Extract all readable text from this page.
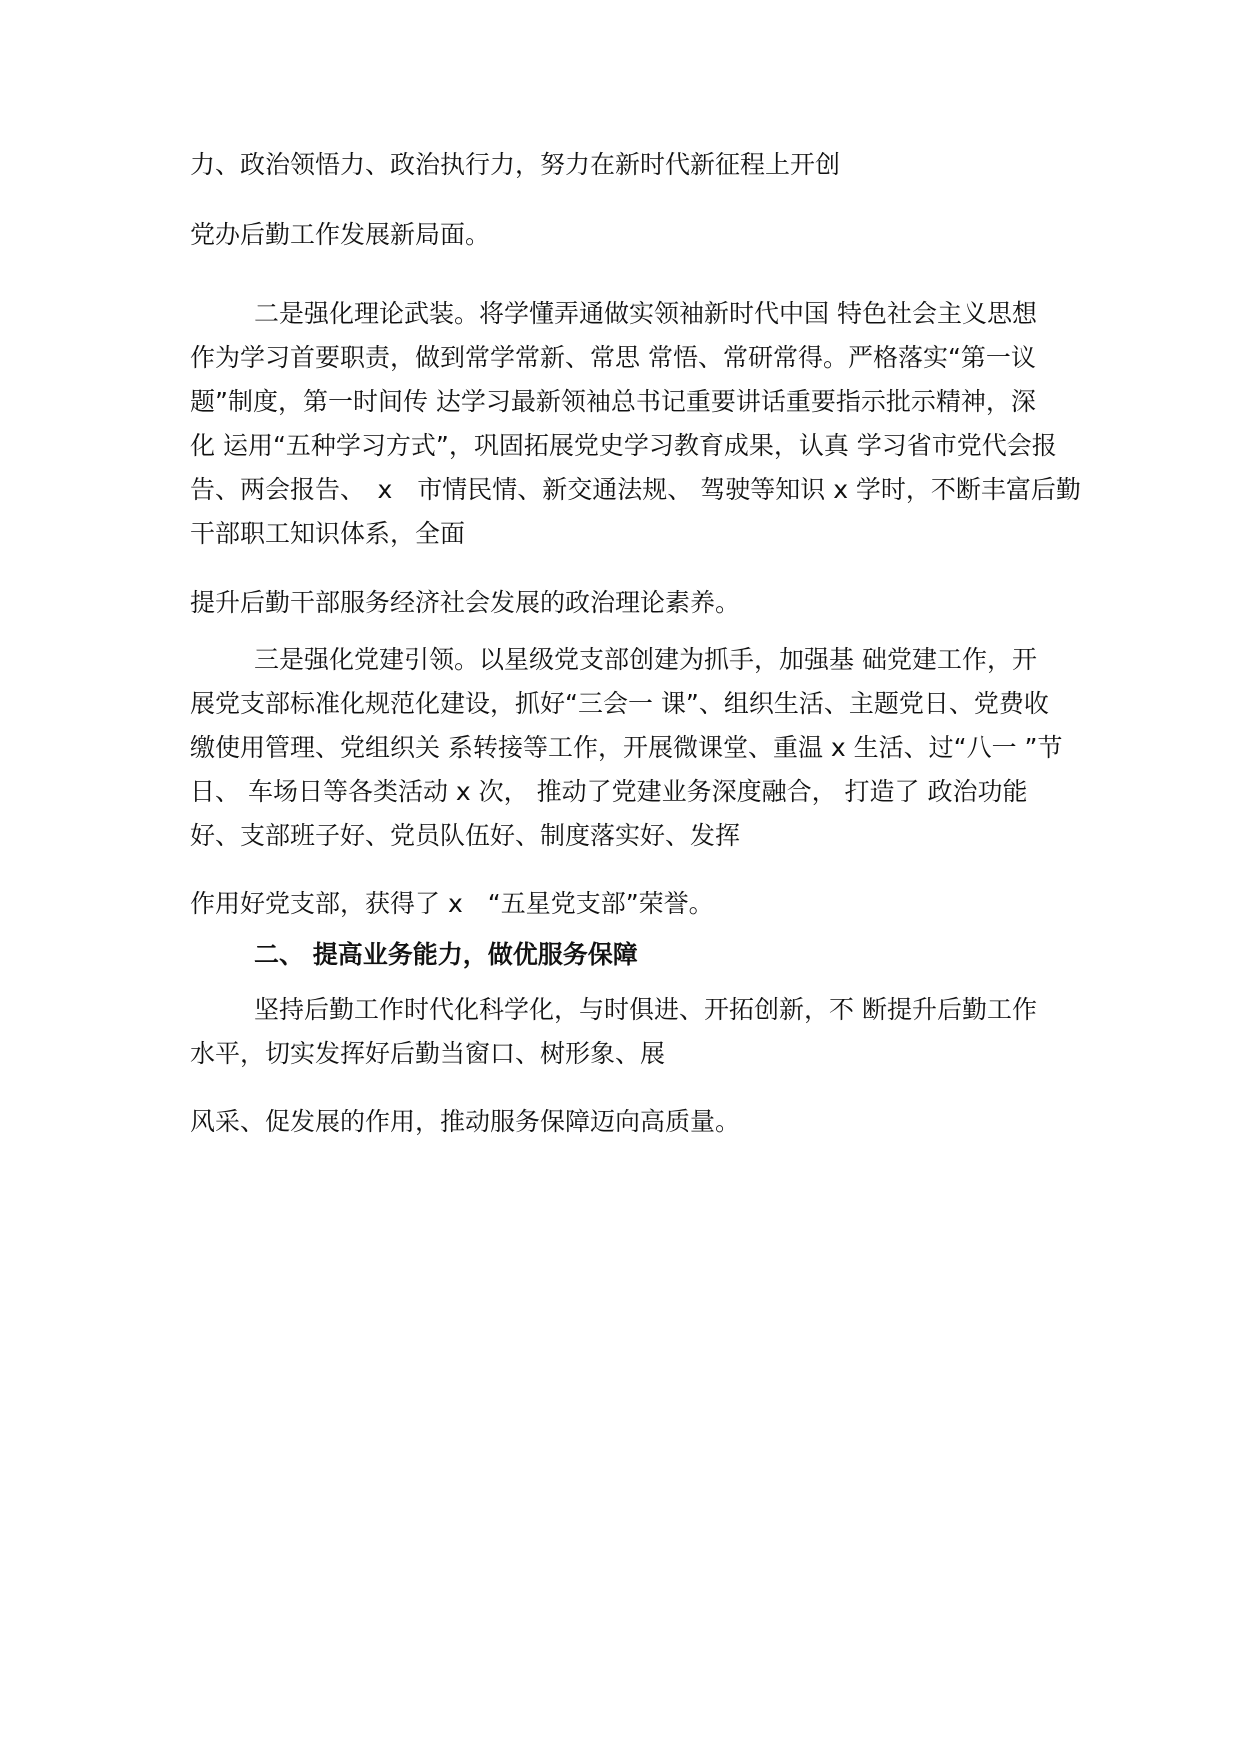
力、政治领悟力、政治执行力，努力在新时代新征程上开创
党办后勤工作发展新局面。
二是强化理论武装。将学懂弄通做实领袖新时代中国 特色社会主义思想
作为学习首要职责，做到常学常新、常思 常悟、常研常得。严格落实“第一议
题”制度，第一时间传 达学习最新领袖总书记重要讲话重要指示批示精神，深
化 运用“五种学习方式”，巩固拓展党史学习教育成果，认真 学习省市党代会报
告、两会报告、　x　市情民情、新交通法规、 驾驶等知识 x 学时，不断丰富后勤
干部职工知识体系，全面
提升后勤干部服务经济社会发展的政治理论素养。
三是强化党建引领。以星级党支部创建为抓手，加强基 础党建工作，开
展党支部标准化规范化建设，抓好“三会一 课”、组织生活、主题党日、党费收
缴使用管理、党组织关 系转接等工作，开展微课堂、重温 x 生活、过“八一 ”节
日、 车场日等各类活动 x 次， 推动了党建业务深度融合， 打造了 政治功能
好、支部班子好、党员队伍好、制度落实好、发挥
作用好党支部，获得了 x　“五星党支部”荣誉。
二、 提高业务能力，做优服务保障
坚持后勤工作时代化科学化，与时俱进、开拓创新，不 断提升后勤工作
水平，切实发挥好后勤当窗口、树形象、展
风采、促发展的作用，推动服务保障迈向高质量。
